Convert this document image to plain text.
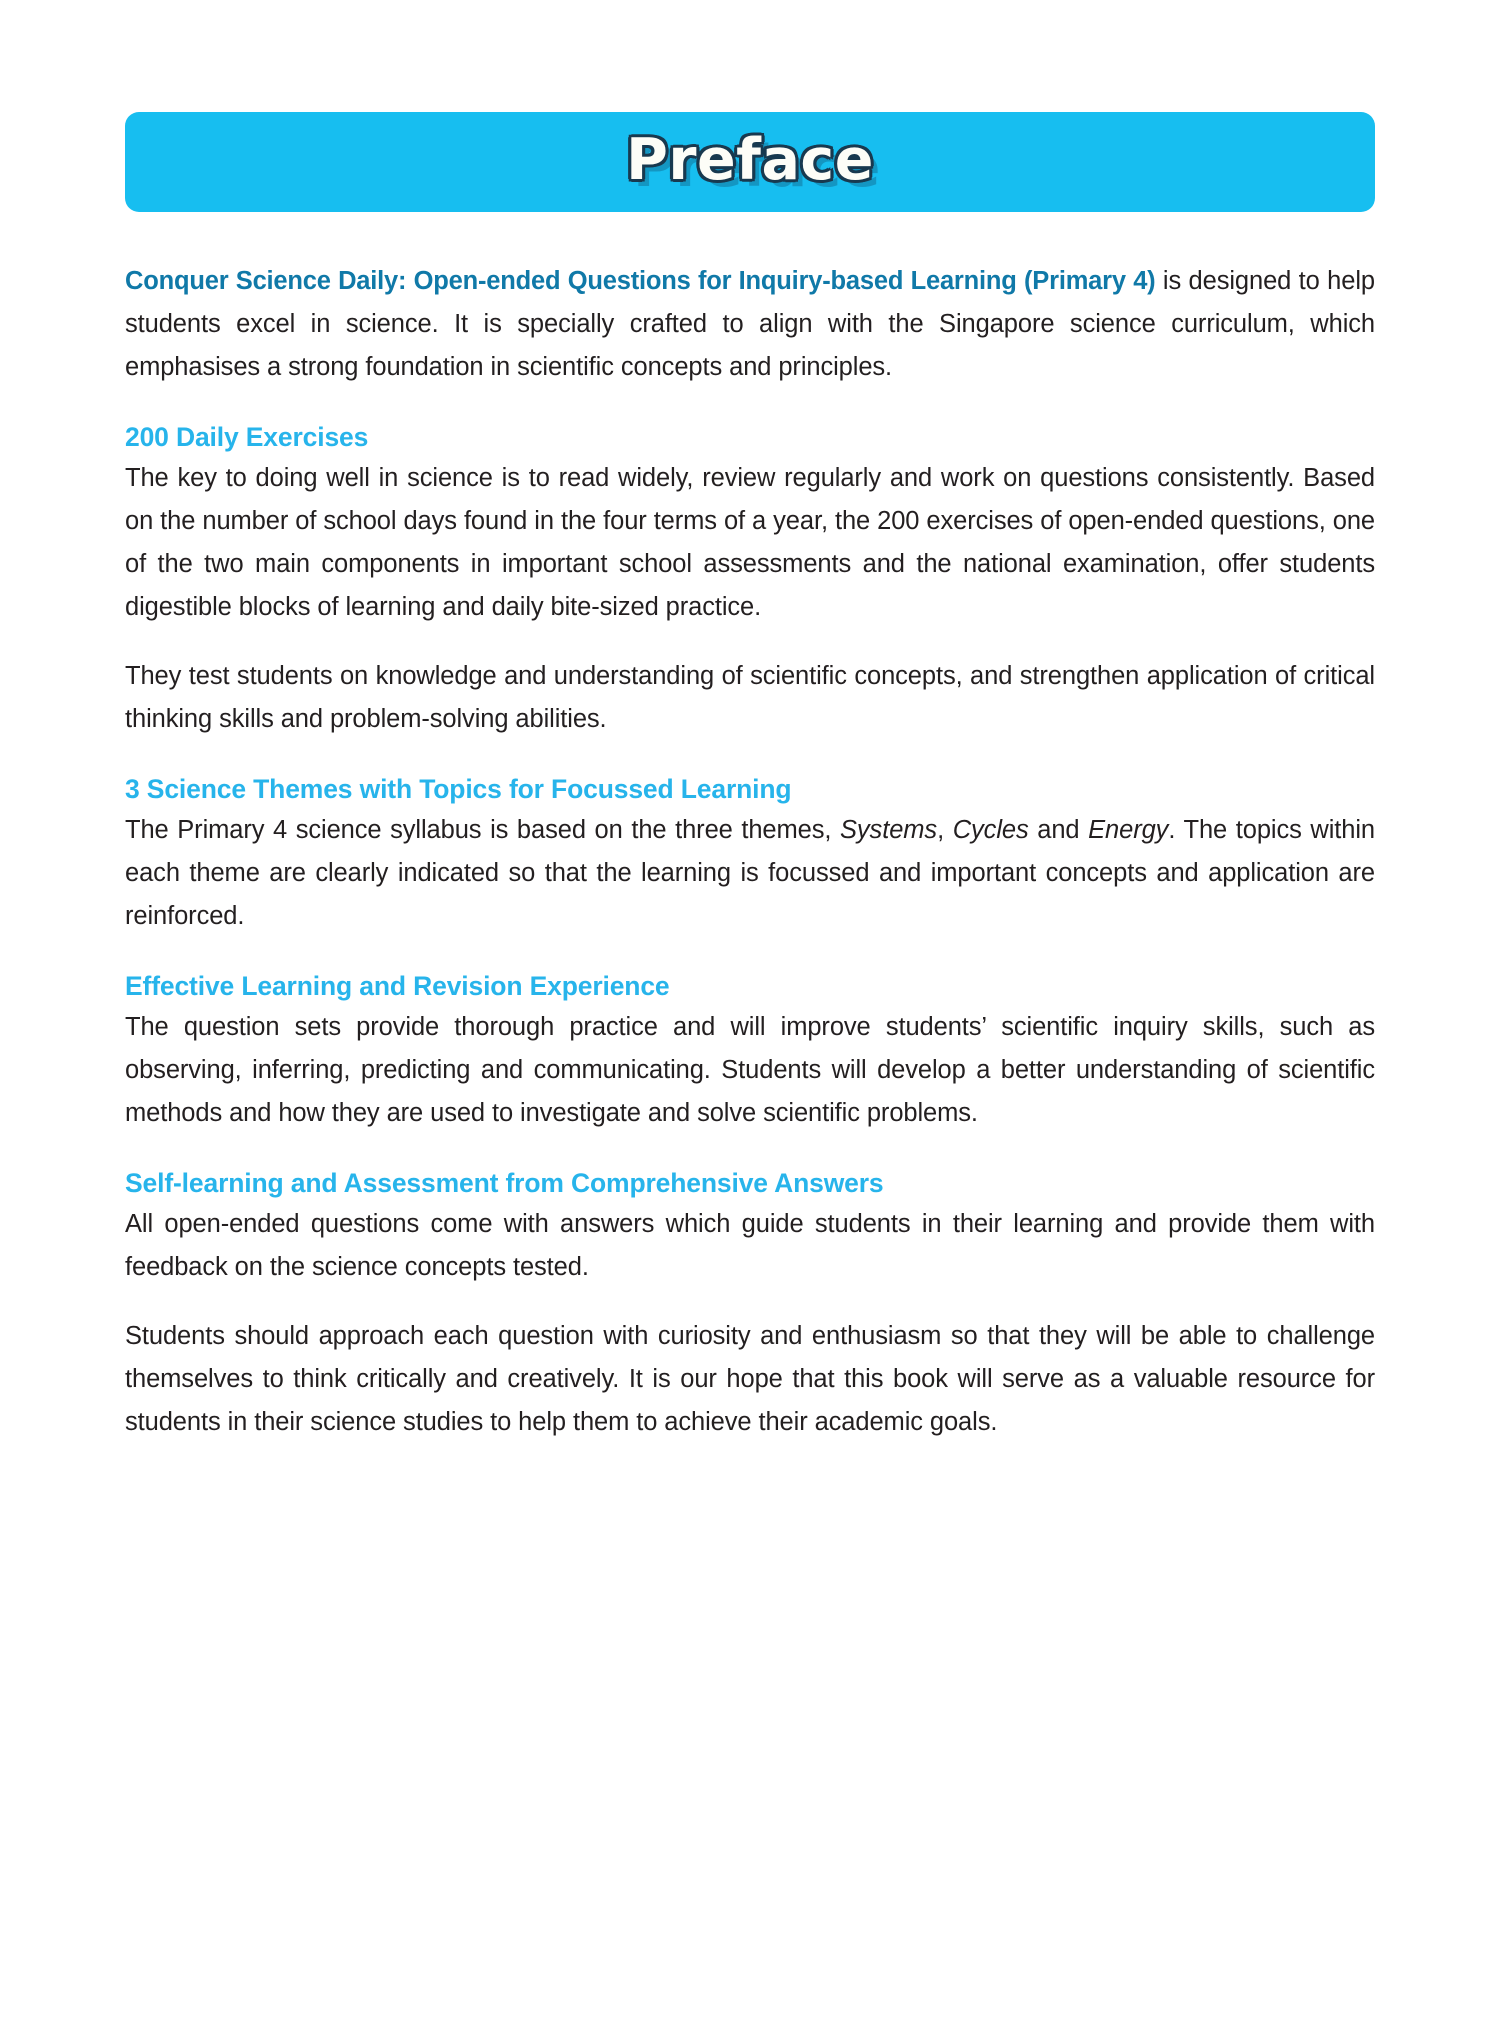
Preface

Conquer Science Daily: Open-ended Questions for Inquiry-based Learning (Primary 4) is designed to help students excel in science. It is specially crafted to align with the Singapore science curriculum, which emphasises a strong foundation in scientific concepts and principles.

200 Daily Exercises

The key to doing well in science is to read widely, review regularly and work on questions consistently. Based on the number of school days found in the four terms of a year, the 200 exercises of open-ended questions, one of the two main components in important school assessments and the national examination, offer students digestible blocks of learning and daily bite-sized practice.

They test students on knowledge and understanding of scientific concepts, and strengthen application of critical thinking skills and problem-solving abilities.

3 Science Themes with Topics for Focussed Learning

The Primary 4 science syllabus is based on the three themes, Systems, Cycles and Energy. The topics within each theme are clearly indicated so that the learning is focussed and important concepts and application are reinforced.

Effective Learning and Revision Experience

The question sets provide thorough practice and will improve students’ scientific inquiry skills, such as observing, inferring, predicting and communicating. Students will develop a better understanding of scientific methods and how they are used to investigate and solve scientific problems.

Self-learning and Assessment from Comprehensive Answers

All open-ended questions come with answers which guide students in their learning and provide them with feedback on the science concepts tested.

Students should approach each question with curiosity and enthusiasm so that they will be able to challenge themselves to think critically and creatively. It is our hope that this book will serve as a valuable resource for students in their science studies to help them to achieve their academic goals.
